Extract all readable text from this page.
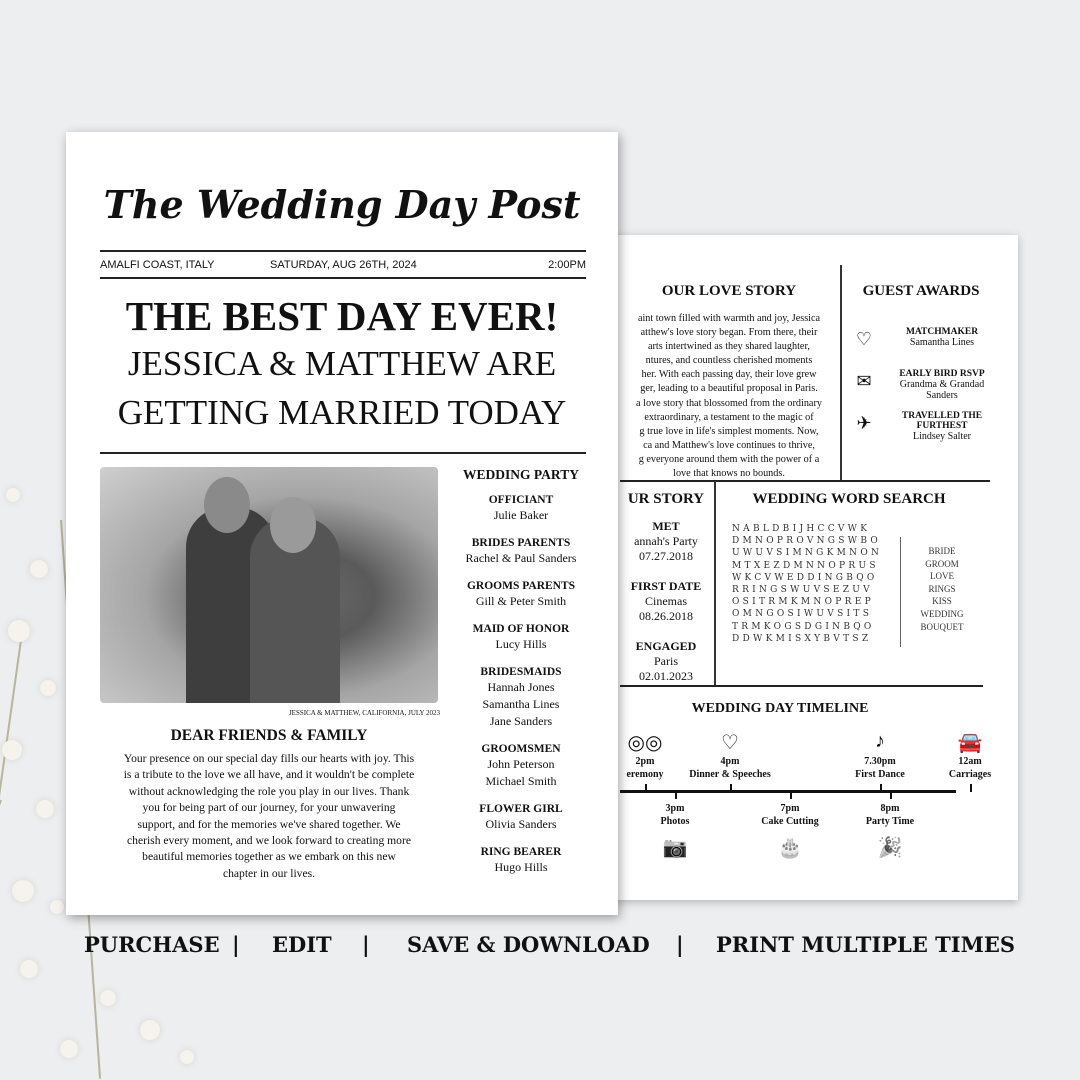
OUR LOVE STORY
aint town filled with warmth and joy, Jessica
atthew's love story began. From there, their
arts intertwined as they shared laughter,
ntures, and countless cherished moments
her. With each passing day, their love grew
ger, leading to a beautiful proposal in Paris.
a love story that blossomed from the ordinary
extraordinary, a testament to the magic of
g true love in life's simplest moments. Now,
ca and Matthew's love continues to thrive,
g everyone around them with the power of a
love that knows no bounds.
GUEST AWARDS
♡	MATCHMAKER
Samantha Lines
✉	EARLY BIRD RSVP
Grandma & Grandad Sanders
✈	TRAVELLED THE FURTHEST
Lindsey Salter
UR STORY
MET
annah's Party
07.27.2018
FIRST DATE
Cinemas
08.26.2018
ENGAGED
Paris
02.01.2023
WEDDING WORD SEARCH
NABLDBIJHCCVWK
DMNOPROVNGSWBO
UWUVSIMNGKMNON
MTXEZDMNNOPRUS
WKCVWEDDINGBQO
RRINGSWUVSEZUV
OSITRMKMNOPREP
OMNGOSIWUVSITS
TRMKOGSDGINBQO
DDWKMISXYBVTSZ
BRIDE
GROOM
LOVE
RINGS
KISS
WEDDING
BOUQUET
WEDDING DAY TIMELINE
◎◎
2pm
eremony
♡
4pm
Dinner & Speeches
♪
7.30pm
First Dance
🚘
12am
Carriages
3pm
Photos
📷
7pm
Cake Cutting
🎂
8pm
Party Time
🎉
The Wedding Day Post
AMALFI COAST, ITALY	SATURDAY, AUG 26TH, 2024	2:00PM
THE BEST DAY EVER!
JESSICA & MATTHEW ARE
GETTING MARRIED TODAY
JESSICA & MATTHEW, CALIFORNIA, JULY 2023
DEAR FRIENDS & FAMILY
Your presence on our special day fills our hearts with joy. This
is a tribute to the love we all have, and it wouldn't be complete
without acknowledging the role you play in our lives. Thank
you for being part of our journey, for your unwavering
support, and for the memories we've shared together. We
cherish every moment, and we look forward to creating more
beautiful memories together as we embark on this new
chapter in our lives.
WEDDING PARTY
OFFICIANT
Julie Baker
BRIDES PARENTS
Rachel & Paul Sanders
GROOMS PARENTS
Gill & Peter Smith
MAID OF HONOR
Lucy Hills
BRIDESMAIDS
Hannah Jones
Samantha Lines
Jane Sanders
GROOMSMEN
John Peterson
Michael Smith
FLOWER GIRL
Olivia Sanders
RING BEARER
Hugo Hills
PURCHASE | EDIT | SAVE & DOWNLOAD | PRINT MULTIPLE TIMES
